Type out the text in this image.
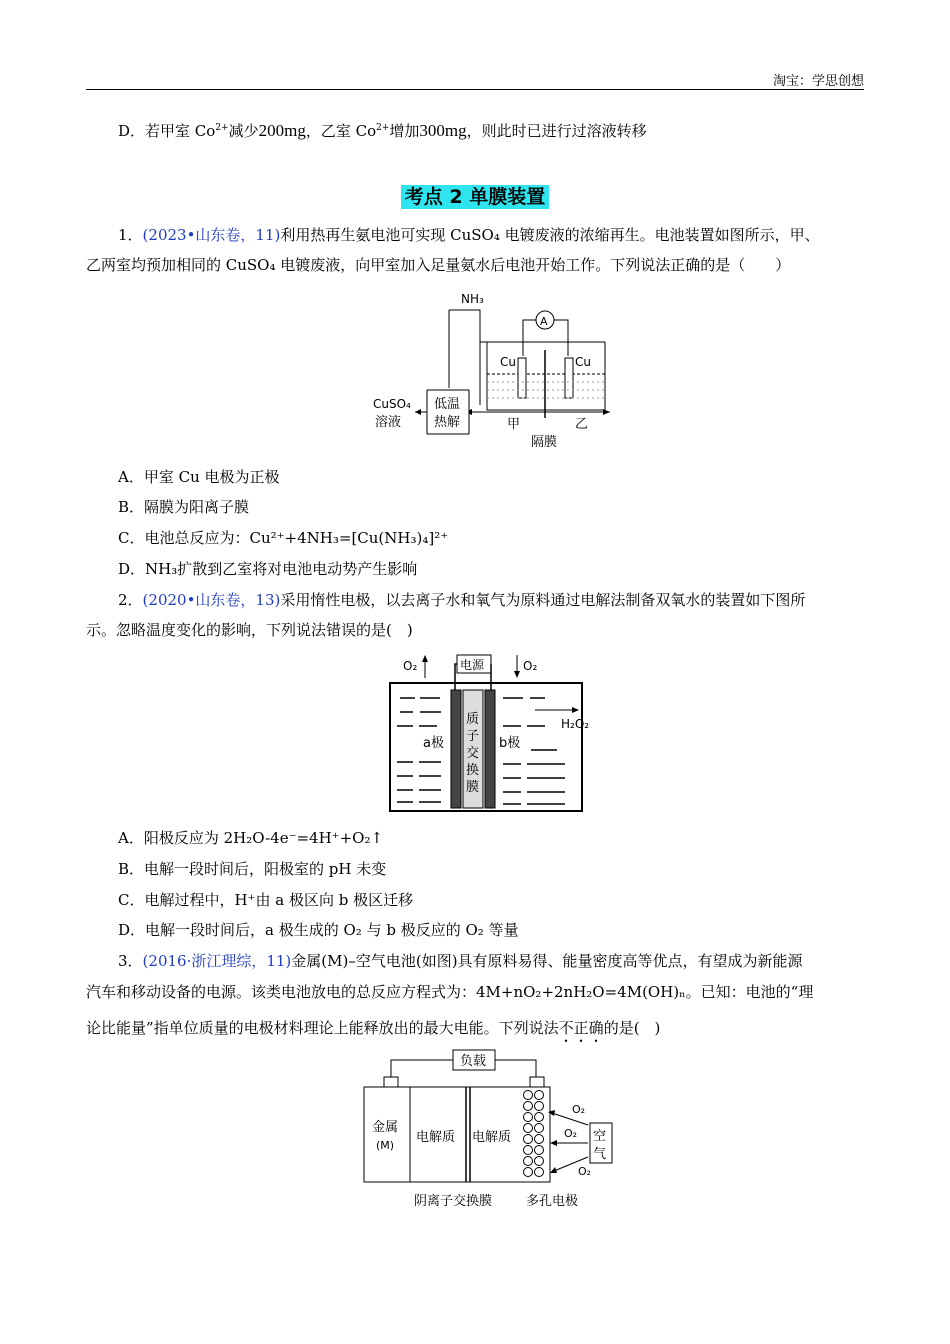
淘宝：学思创想
D．若甲室 $Co^{2+}$减少200mg，乙室 $Co^{2+}$增加300mg，则此时已进行过溶液转移
考点 2 单膜装置
1．(2023•山东卷，11)利用热再生氨电池可实现 CuSO₄ 电镀废液的浓缩再生。电池装置如图所示，甲、
乙两室均预加相同的 CuSO₄ 电镀废液，向甲室加入足量氨水后电池开始工作。下列说法正确的是（　　）
NH₃
A
Cu	Cu
低温
热解
CuSO₄
溶液	甲	乙
隔膜
A．甲室 Cu 电极为正极
B．隔膜为阳离子膜
C．电池总反应为：Cu²⁺+4NH₃=[Cu(NH₃)₄]²⁺
D．NH₃扩散到乙室将对电池电动势产生影响
2．(2020•山东卷，13)采用惰性电极，以去离子水和氧气为原料通过电解法制备双氧水的装置如下图所
示。忽略温度变化的影响，下列说法错误的是(　)
电源
O₂	O₂
H₂O₂
a极	b极
质
子
交
换
膜
A．阳极反应为 2H₂O-4e⁻=4H⁺+O₂↑
B．电解一段时间后，阳极室的 pH 未变
C．电解过程中，H⁺由 a 极区向 b 极区迁移
D．电解一段时间后，a 极生成的 O₂ 与 b 极反应的 O₂ 等量
3．(2016·浙江理综，11)金属(M)–空气电池(如图)具有原料易得、能量密度高等优点，有望成为新能源
汽车和移动设备的电源。该类电池放电的总反应方程式为：4M+nO₂+2nH₂O=4M(OH)ₙ。已知：电池的“理
论比能量”指单位质量的电极材料理论上能释放出的最大电能。下列说法不正确的是(　)
负载
金属
(M)
电解质 电解质	空
气
O₂
O₂
O₂
阴离子交换膜	多孔电极
